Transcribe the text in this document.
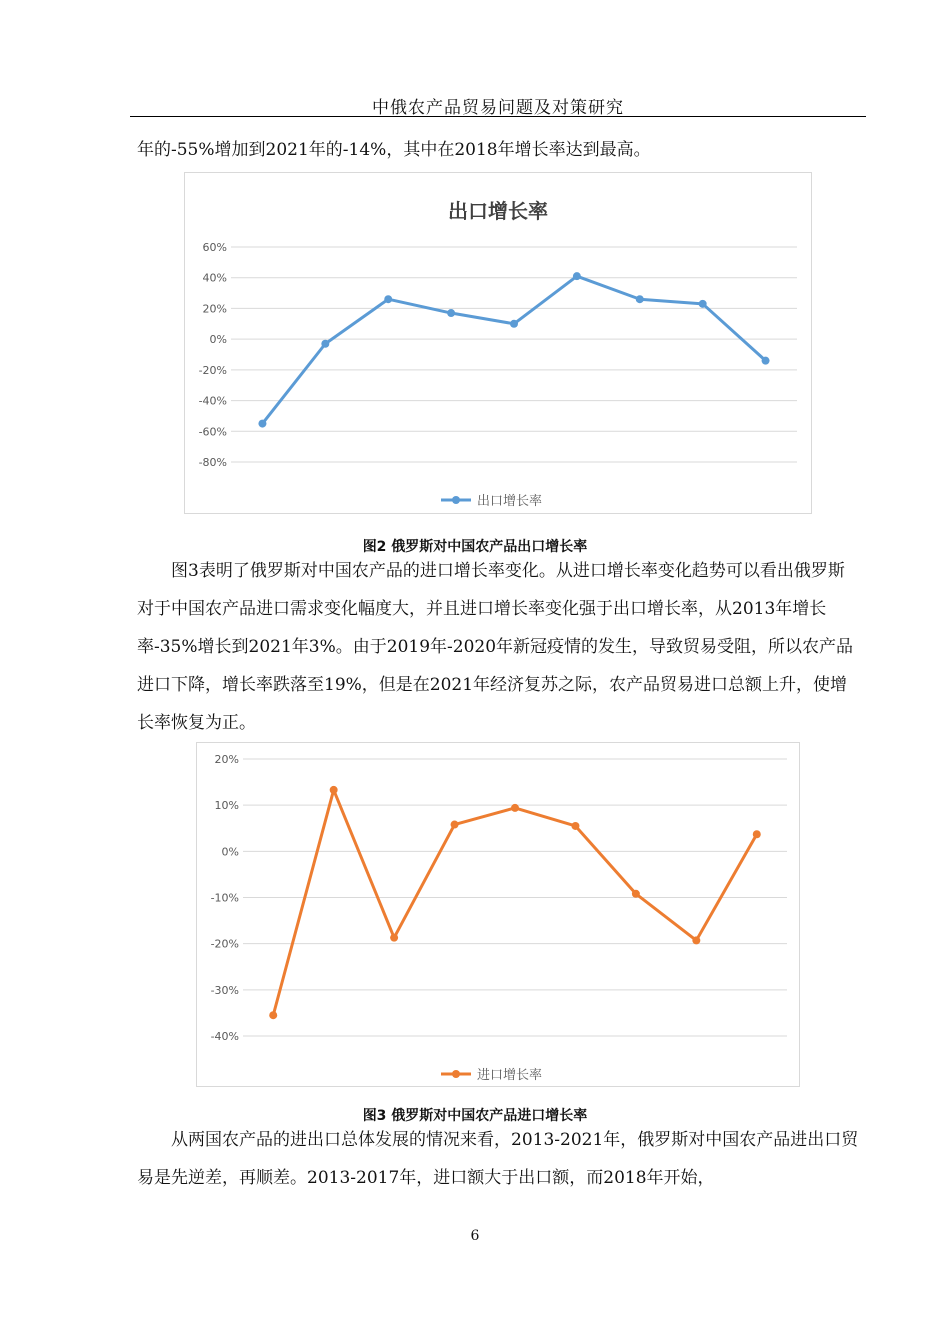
中俄农产品贸易问题及对策研究

年的-55%增加到2021年的-14%，其中在2018年增长率达到最高。

出口增长率
60%
40%
20%
0%
-20%
-40%
-60%
-80%
出口增长率
图2 俄罗斯对中国农产品出口增长率

图3表明了俄罗斯对中国农产品的进口增长率变化。从进口增长率变化趋势可以看出俄罗斯对于中国农产品进口需求变化幅度大，并且进口增长率变化强于出口增长率，从2013年增长率-35%增长到2021年3%。由于2019年-2020年新冠疫情的发生，导致贸易受阻，所以农产品进口下降，增长率跌落至19%，但是在2021年经济复苏之际，农产品贸易进口总额上升，使增长率恢复为正。

20%
10%
0%
-10%
-20%
-30%
-40%
进口增长率
图3 俄罗斯对中国农产品进口增长率

从两国农产品的进出口总体发展的情况来看，2013-2021年，俄罗斯对中国农产品进出口贸易是先逆差，再顺差。2013-2017年，进口额大于出口额，而2018年开始，

6
